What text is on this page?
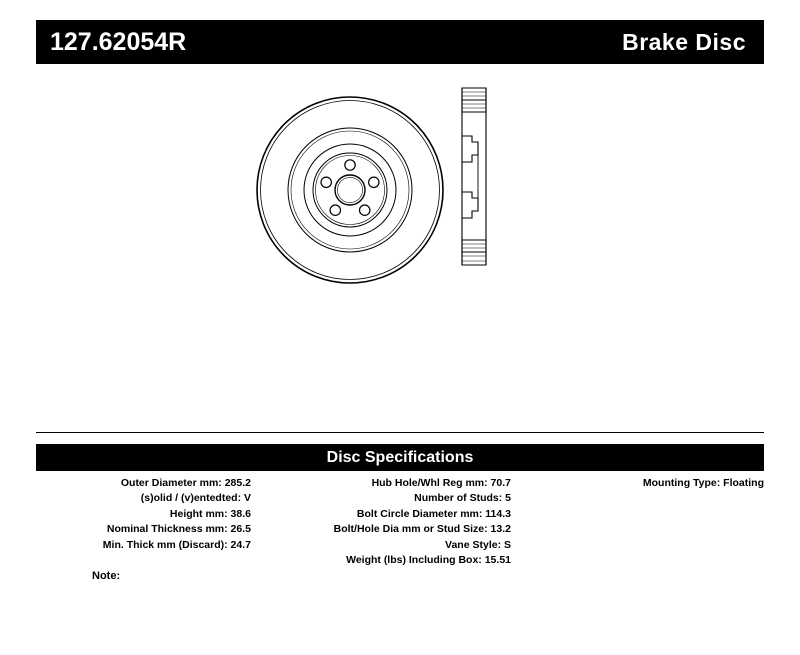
127.62054R	Brake Disc
Disc Specifications
Outer Diameter mm: 285.2
(s)olid / (v)entedted: V
Height mm: 38.6
Nominal Thickness mm: 26.5
Min. Thick mm (Discard): 24.7
Hub Hole/Whl Reg mm: 70.7
Number of Studs: 5
Bolt Circle Diameter mm: 114.3
Bolt/Hole Dia mm or Stud Size: 13.2
Vane Style: S
Weight (lbs) Including Box: 15.51
Mounting Type: Floating
Note:
